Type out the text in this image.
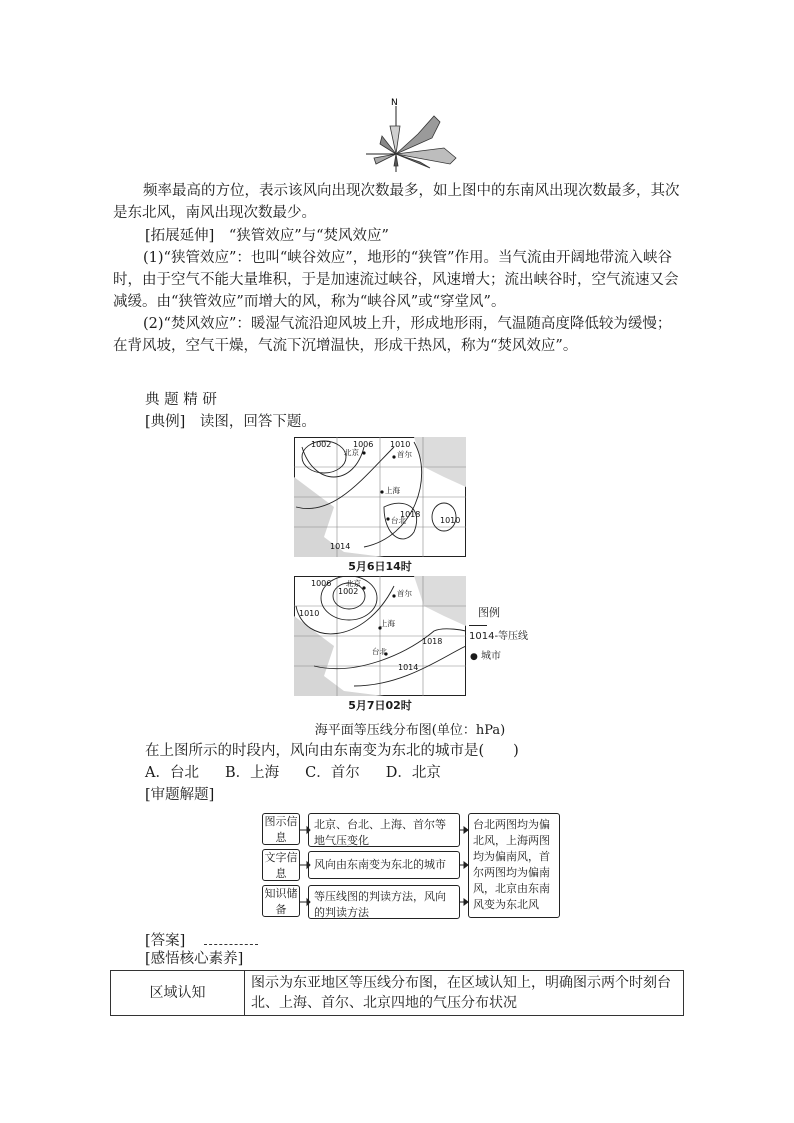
N
频率最高的方位，表示该风向出现次数最多，如上图中的东南风出现次数最多，其次是东北风，南风出现次数最少。
[拓展延伸]　“狭管效应”与“焚风效应”
(1)“狭管效应”：也叫“峡谷效应”，地形的“狭管”作用。当气流由开阔地带流入峡谷时，由于空气不能大量堆积，于是加速流过峡谷，风速增大；流出峡谷时，空气流速又会减缓。由“狭管效应”而增大的风，称为“峡谷风”或“穿堂风”。
(2)“焚风效应”：暖湿气流沿迎风坡上升，形成地形雨，气温随高度降低较为缓慢；在背风坡，空气干燥，气流下沉增温快，形成干热风，称为“焚风效应”。
典 题 精 研
[典例]　读图，回答下题。
1002	1006 1010
1018
1014
1010
北京	首尔
上海
台北
5月6日14时
1006
1002
1010
1018
1014
北京
首尔
上海
台北
5月7日02时
图例
1014-等压线
● 城市
海平面等压线分布图(单位：hPa)
在上图所示的时段内，风向由东南变为东北的城市是(　　)
A．台北 B．上海 C．首尔 D．北京
[审题解题]
图示信息
文字信息
知识储备
北京、台北、上海、首尔等地气压变化
风向由东南变为东北的城市
等压线图的判读方法，风向的判读方法
台北两图均为偏北风，上海两图均为偏南风，首尔两图均为偏南风，北京由东南风变为东北风
[答案]
[感悟核心素养]
区域认知	图示为东亚地区等压线分布图，在区域认知上，明确图示两个时刻台北、上海、首尔、北京四地的气压分布状况
